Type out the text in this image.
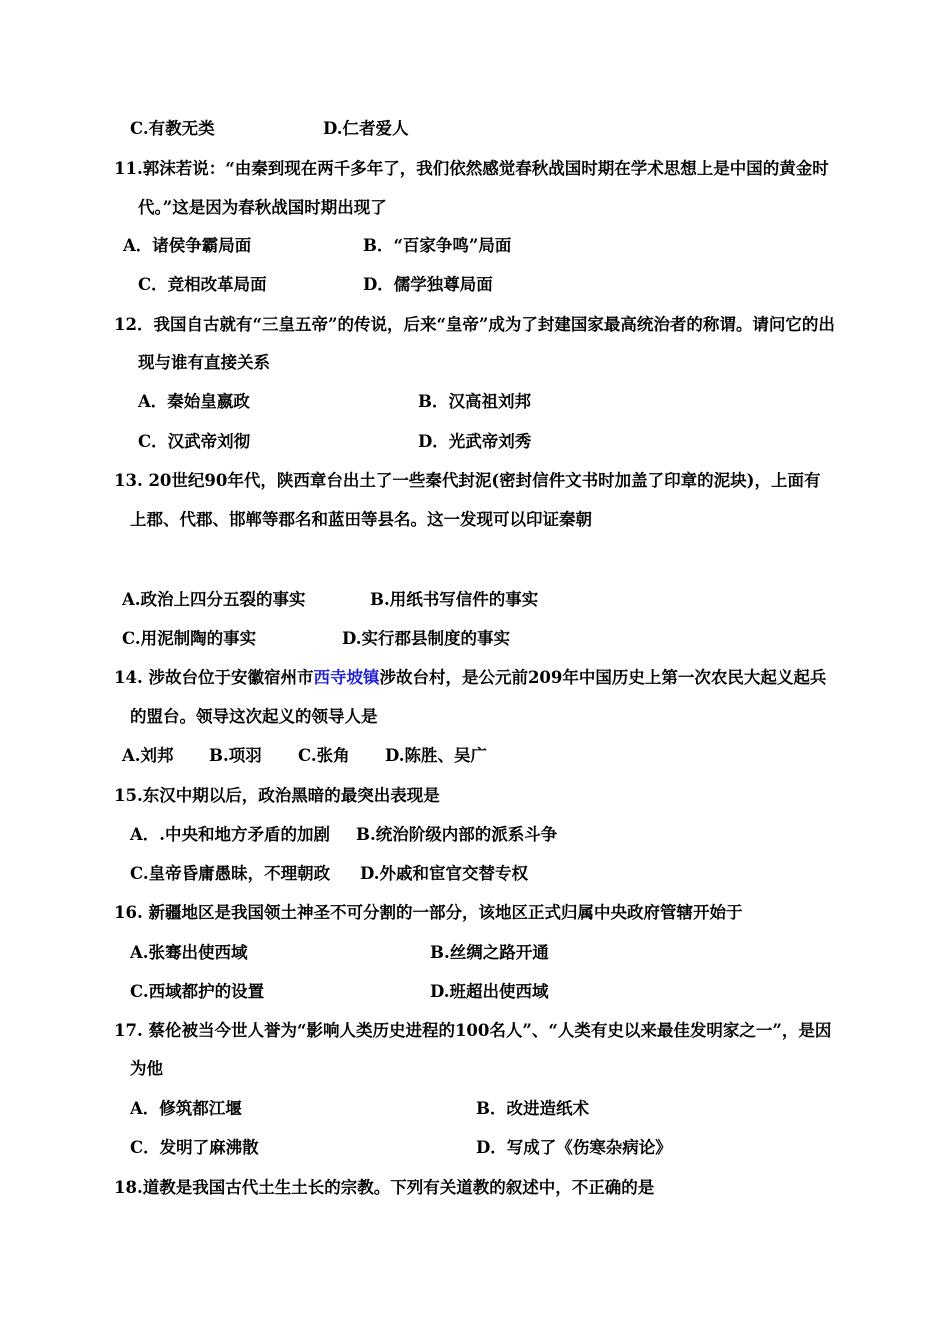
C.有教无类	D.仁者爱人
11.郭沫若说：“由秦到现在两千多年了，我们依然感觉春秋战国时期在学术思想上是中国的黄金时
代。”这是因为春秋战国时期出现了
A．诸侯争霸局面	B．“百家争鸣”局面
C．竞相改革局面	D．儒学独尊局面
12．我国自古就有“三皇五帝”的传说，后来“皇帝”成为了封建国家最高统治者的称谓。请问它的出
现与谁有直接关系
A．秦始皇嬴政	B．汉高祖刘邦
C．汉武帝刘彻	D．光武帝刘秀
13. 20世纪90年代，陕西章台出土了一些秦代封泥(密封信件文书时加盖了印章的泥块)，上面有
上郡、代郡、邯郸等郡名和蓝田等县名。这一发现可以印证秦朝
A.政治上四分五裂的事实	B.用纸书写信件的事实
C.用泥制陶的事实	D.实行郡县制度的事实
14. 涉故台位于安徽宿州市西寺坡镇涉故台村，是公元前209年中国历史上第一次农民大起义起兵
的盟台。领导这次起义的领导人是
A.刘邦 B.项羽 C.张角 D.陈胜、吴广
15.东汉中期以后，政治黑暗的最突出表现是
A．.中央和地方矛盾的加剧 B.统治阶级内部的派系斗争
C.皇帝昏庸愚昧，不理朝政 D.外戚和宦官交替专权
16. 新疆地区是我国领土神圣不可分割的一部分，该地区正式归属中央政府管辖开始于
A.张骞出使西域	B.丝绸之路开通
C.西域都护的设置	D.班超出使西域
17. 蔡伦被当今世人誉为“影响人类历史进程的100名人”、“人类有史以来最佳发明家之一”，是因
为他
A．修筑都江堰	B．改进造纸术
C．发明了麻沸散	D．写成了《伤寒杂病论》
18.道教是我国古代土生土长的宗教。下列有关道教的叙述中，不正确的是
